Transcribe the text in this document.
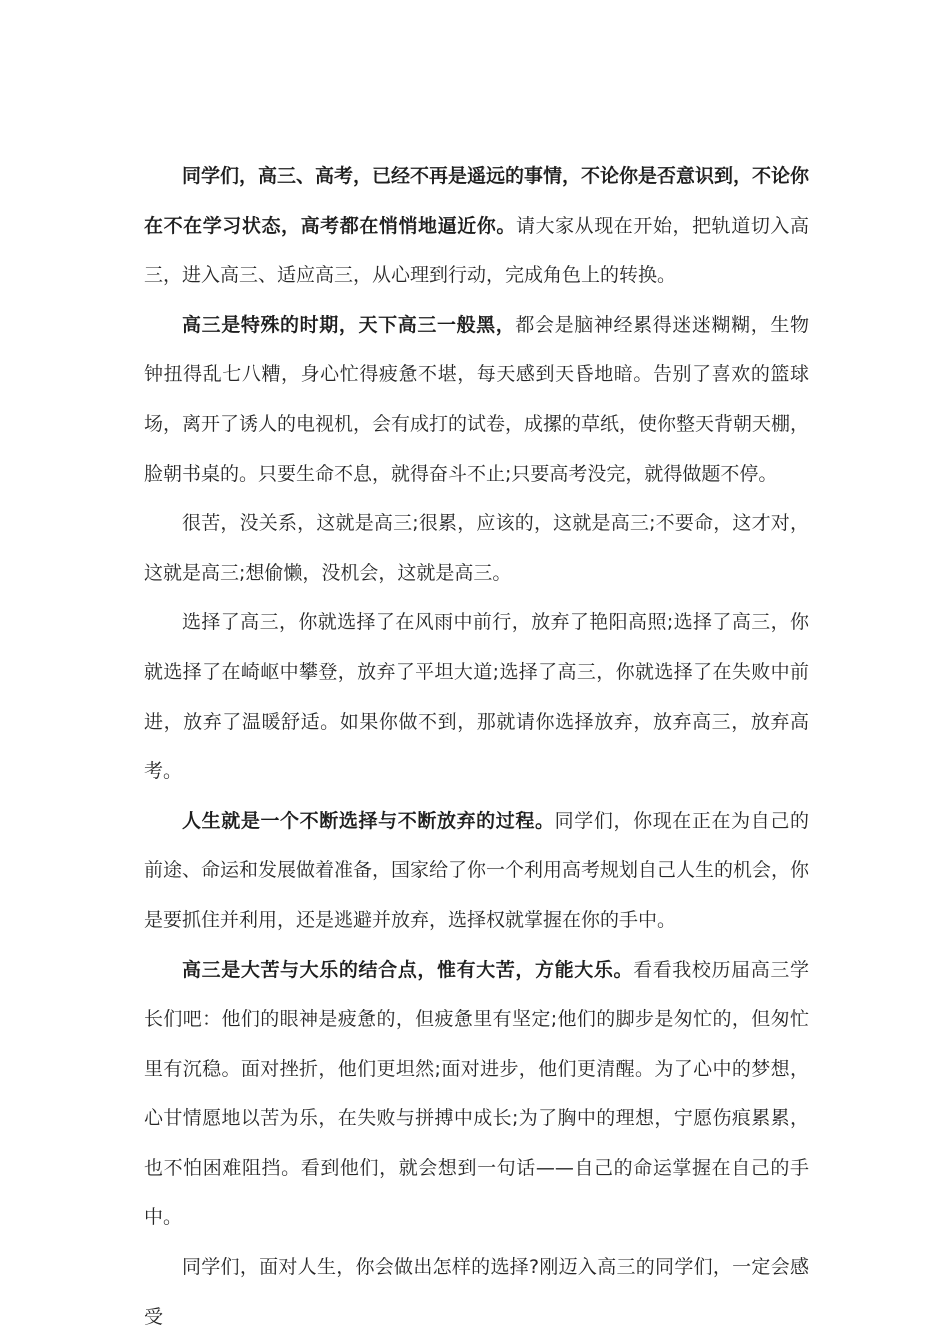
同学们，高三、高考，已经不再是遥远的事情，不论你是否意识到，不论你在不在学习状态，高考都在悄悄地逼近你。请大家从现在开始，把轨道切入高三，进入高三、适应高三，从心理到行动，完成角色上的转换。

高三是特殊的时期，天下高三一般黑，都会是脑神经累得迷迷糊糊，生物钟扭得乱七八糟，身心忙得疲惫不堪，每天感到天昏地暗。告别了喜欢的篮球场，离开了诱人的电视机，会有成打的试卷，成摞的草纸，使你整天背朝天棚，脸朝书桌的。只要生命不息，就得奋斗不止;只要高考没完，就得做题不停。

很苦，没关系，这就是高三;很累，应该的，这就是高三;不要命，这才对，这就是高三;想偷懒，没机会，这就是高三。

选择了高三，你就选择了在风雨中前行，放弃了艳阳高照;选择了高三，你就选择了在崎岖中攀登，放弃了平坦大道;选择了高三，你就选择了在失败中前进，放弃了温暖舒适。如果你做不到，那就请你选择放弃，放弃高三，放弃高考。

人生就是一个不断选择与不断放弃的过程。同学们，你现在正在为自己的前途、命运和发展做着准备，国家给了你一个利用高考规划自己人生的机会，你是要抓住并利用，还是逃避并放弃，选择权就掌握在你的手中。

高三是大苦与大乐的结合点，惟有大苦，方能大乐。看看我校历届高三学长们吧：他们的眼神是疲惫的，但疲惫里有坚定;他们的脚步是匆忙的，但匆忙里有沉稳。面对挫折，他们更坦然;面对进步，他们更清醒。为了心中的梦想，心甘情愿地以苦为乐，在失败与拼搏中成长;为了胸中的理想，宁愿伤痕累累，也不怕困难阻挡。看到他们，就会想到一句话——自己的命运掌握在自己的手中。

同学们，面对人生，你会做出怎样的选择?刚迈入高三的同学们，一定会感受
